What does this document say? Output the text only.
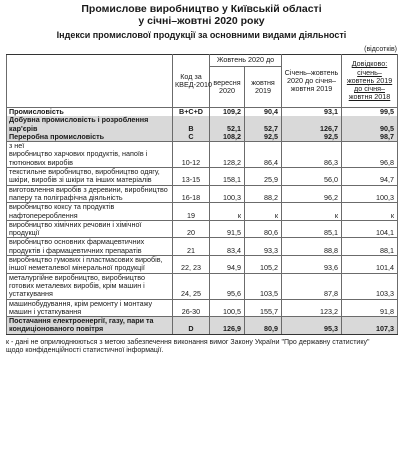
Промислове виробництво у Київській області
у січні–жовтні 2020 року
Індекси промислової продукції за основними видами діяльності
(відсотків)
	Код за КВЕД-2010	Жовтень 2020 до		Січень–жовтень 2020 до січня–жовтня 2019	Довідково: січень–жовтень 2019 до січня–жовтня 2018
		вересня 2020	жовтня 2019		
Промисловість	B+C+D	109,2	90,4	93,1	99,5
Добувна промисловість і розроблення кар'єрів	B	52,1	52,7	126,7	90,5
Переробна промисловість	C	108,2	92,5	92,5	98,7
з неї					
виробництво харчових продуктів, напоїв і тютюнових виробів	10-12	128,2	86,4	86,3	96,8
текстильне виробництво, виробництво одягу, шкіри, виробів зі шкіри та інших матеріалів	13-15	158,1	25,9	56,0	94,7
виготовлення виробів з деревини, виробництво паперу та поліграфічна діяльність	16-18	100,3	88,2	96,2	100,3
виробництво коксу та продуктів нафтоперероблення	19	к	к	к	к
виробництво хімічних речовин і хімічної продукції	20	91,5	80,6	85,1	104,1
виробництво основних фармацевтичних продуктів і фармацевтичних препаратів	21	83,4	93,3	88,8	88,1
виробництво гумових і пластмасових виробів, іншої неметалевої мінеральної продукції	22, 23	94,9	105,2	93,6	101,4
металургійне виробництво, виробництво готових металевих виробів, крім машин і устаткування	24, 25	95,6	103,5	87,8	103,3
машинобудування, крім ремонту і монтажу машин і устаткування	26-30	100,5	155,7	123,2	91,8
Постачання електроенергії, газу, пари та кондиціонованого повітря	D	126,9	80,9	95,3	107,3
к - дані не оприлюднюються з метою забезпечення виконання вимог Закону України "Про державну статистику"
щодо конфіденційності статистичної інформації.
